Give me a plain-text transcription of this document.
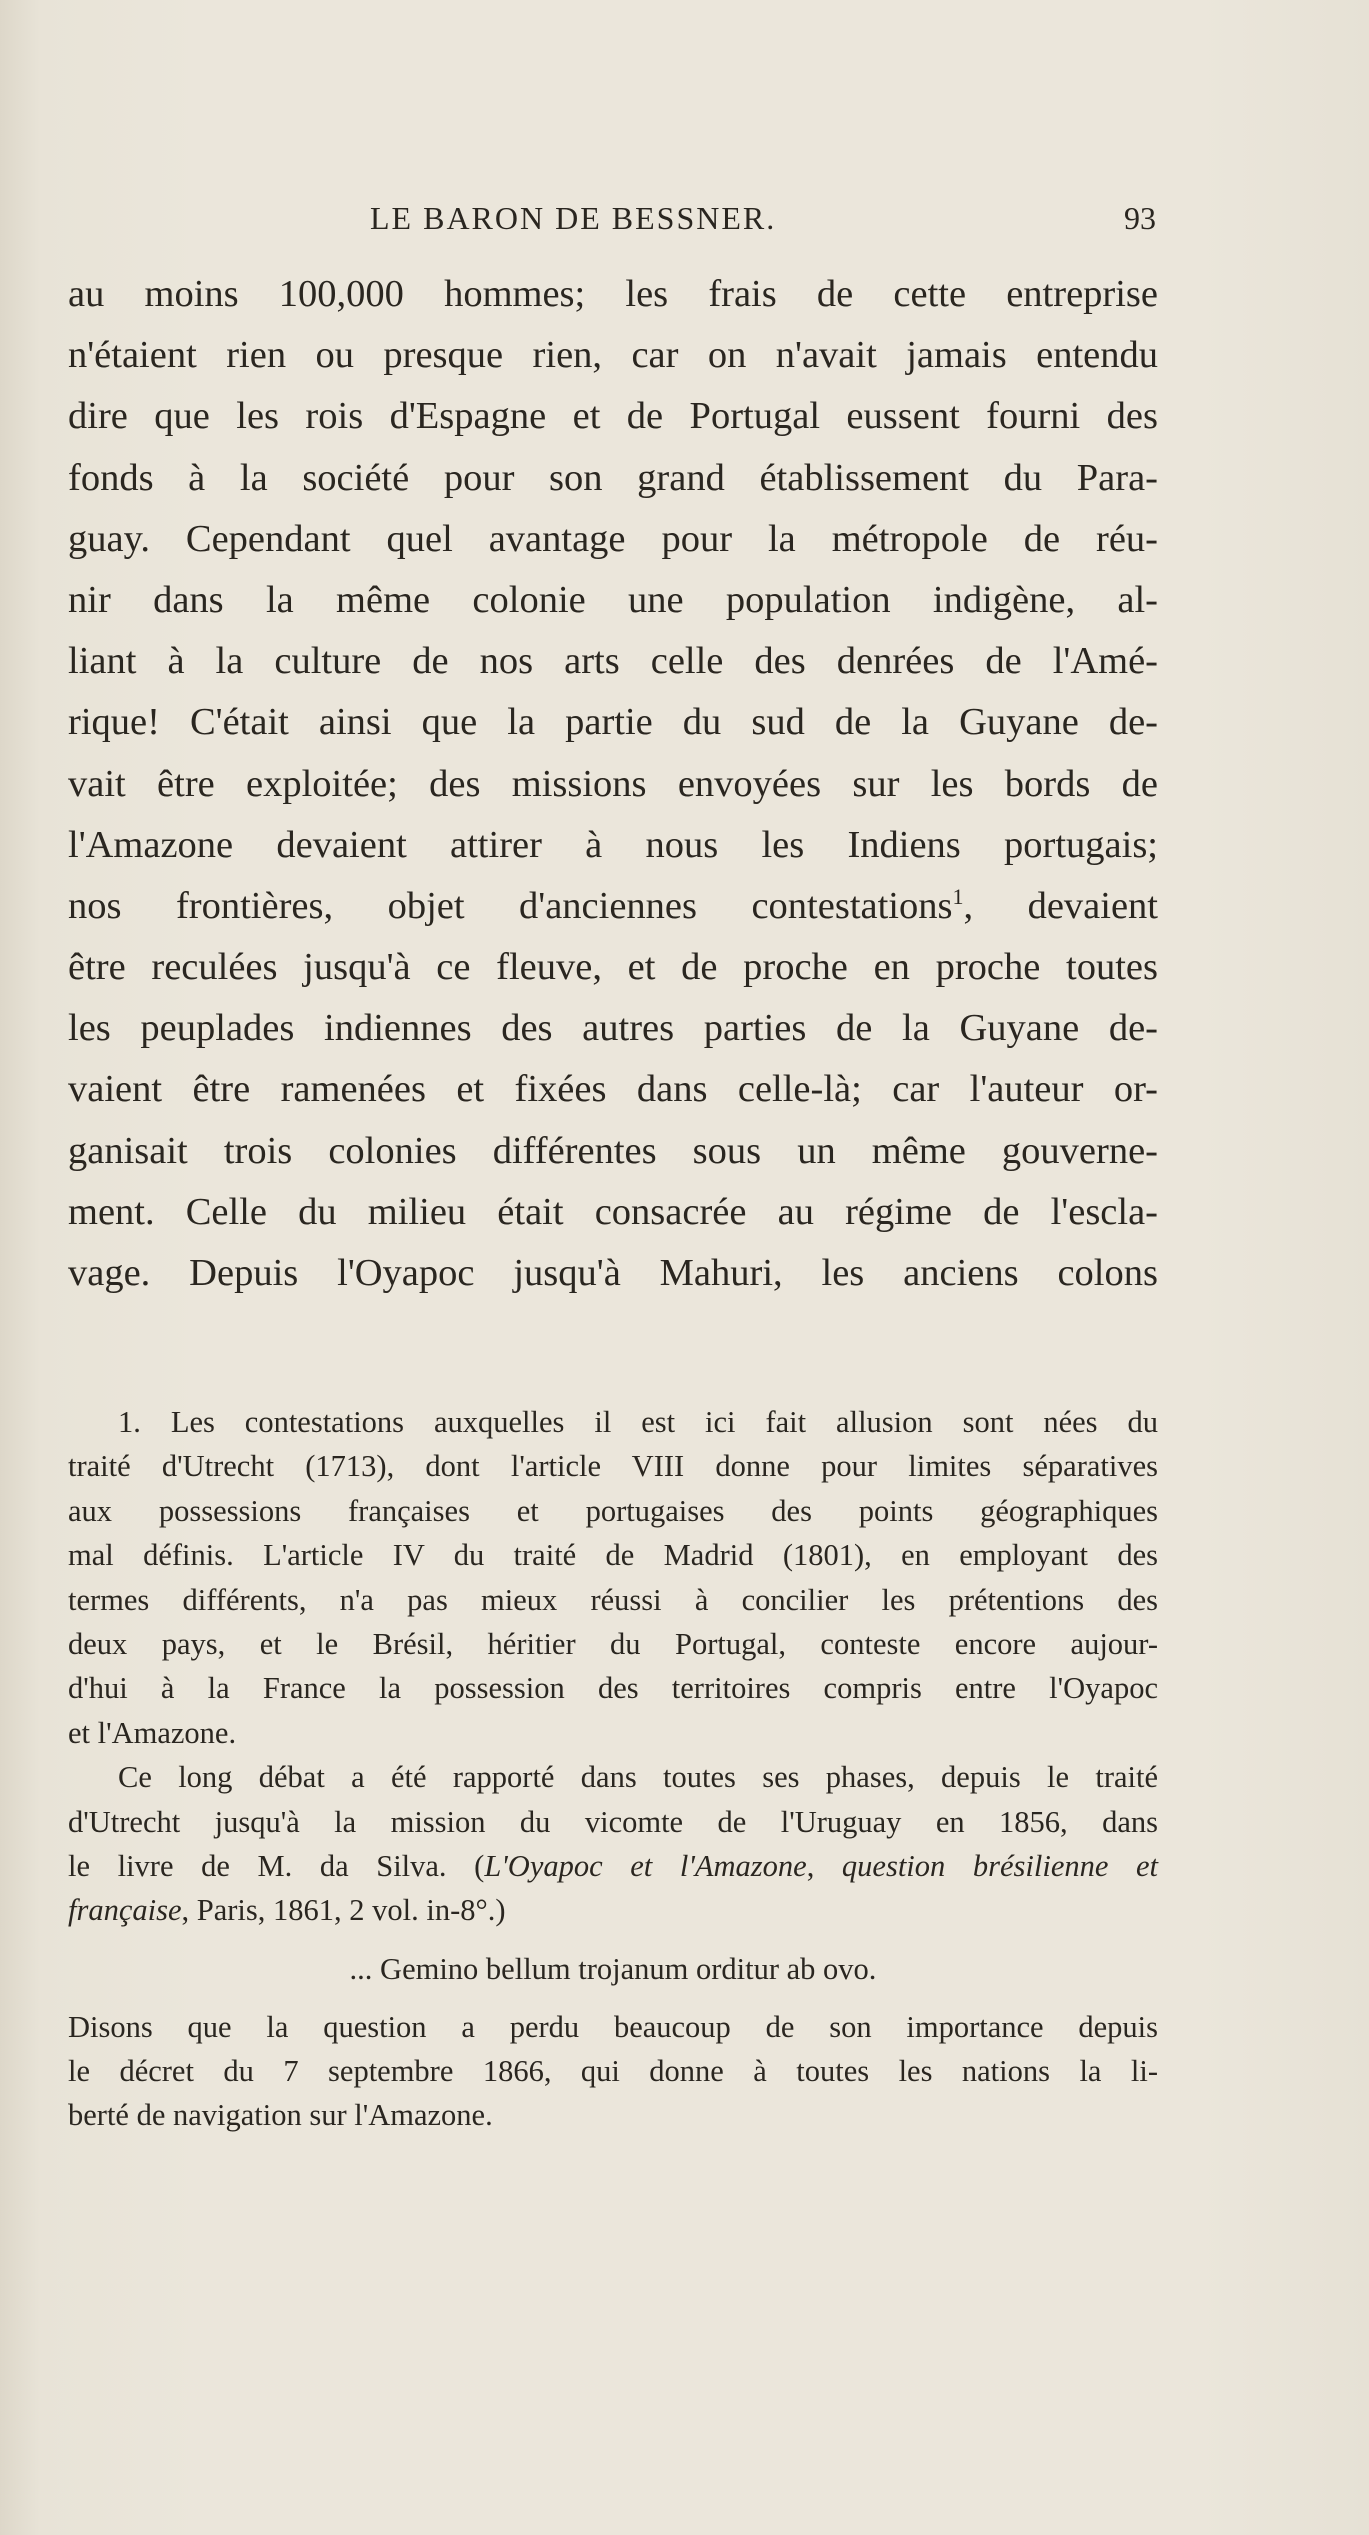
LE BARON DE BESSNER.	93
au moins 100,000 hommes; les frais de cette entreprise
n'étaient rien ou presque rien, car on n'avait jamais entendu
dire que les rois d'Espagne et de Portugal eussent fourni des
fonds à la société pour son grand établissement du Para-
guay. Cependant quel avantage pour la métropole de réu-
nir dans la même colonie une population indigène, al-
liant à la culture de nos arts celle des denrées de l'Amé-
rique! C'était ainsi que la partie du sud de la Guyane de-
vait être exploitée; des missions envoyées sur les bords de
l'Amazone devaient attirer à nous les Indiens portugais;
nos frontières, objet d'anciennes contestations$^1$, devaient
être reculées jusqu'à ce fleuve, et de proche en proche toutes
les peuplades indiennes des autres parties de la Guyane de-
vaient être ramenées et fixées dans celle-là; car l'auteur or-
ganisait trois colonies différentes sous un même gouverne-
ment. Celle du milieu était consacrée au régime de l'escla-
vage. Depuis l'Oyapoc jusqu'à Mahuri, les anciens colons
1. Les contestations auxquelles il est ici fait allusion sont nées du
traité d'Utrecht (1713), dont l'article VIII donne pour limites séparatives
aux possessions françaises et portugaises des points géographiques
mal définis. L'article IV du traité de Madrid (1801), en employant des
termes différents, n'a pas mieux réussi à concilier les prétentions des
deux pays, et le Brésil, héritier du Portugal, conteste encore aujour-
d'hui à la France la possession des territoires compris entre l'Oyapoc
et l'Amazone.
Ce long débat a été rapporté dans toutes ses phases, depuis le traité
d'Utrecht jusqu'à la mission du vicomte de l'Uruguay en 1856, dans
le livre de M. da Silva. (L'Oyapoc et l'Amazone, question brésilienne et
française, Paris, 1861, 2 vol. in-8°.)
... Gemino bellum trojanum orditur ab ovo.
Disons que la question a perdu beaucoup de son importance depuis
le décret du 7 septembre 1866, qui donne à toutes les nations la li-
berté de navigation sur l'Amazone.
